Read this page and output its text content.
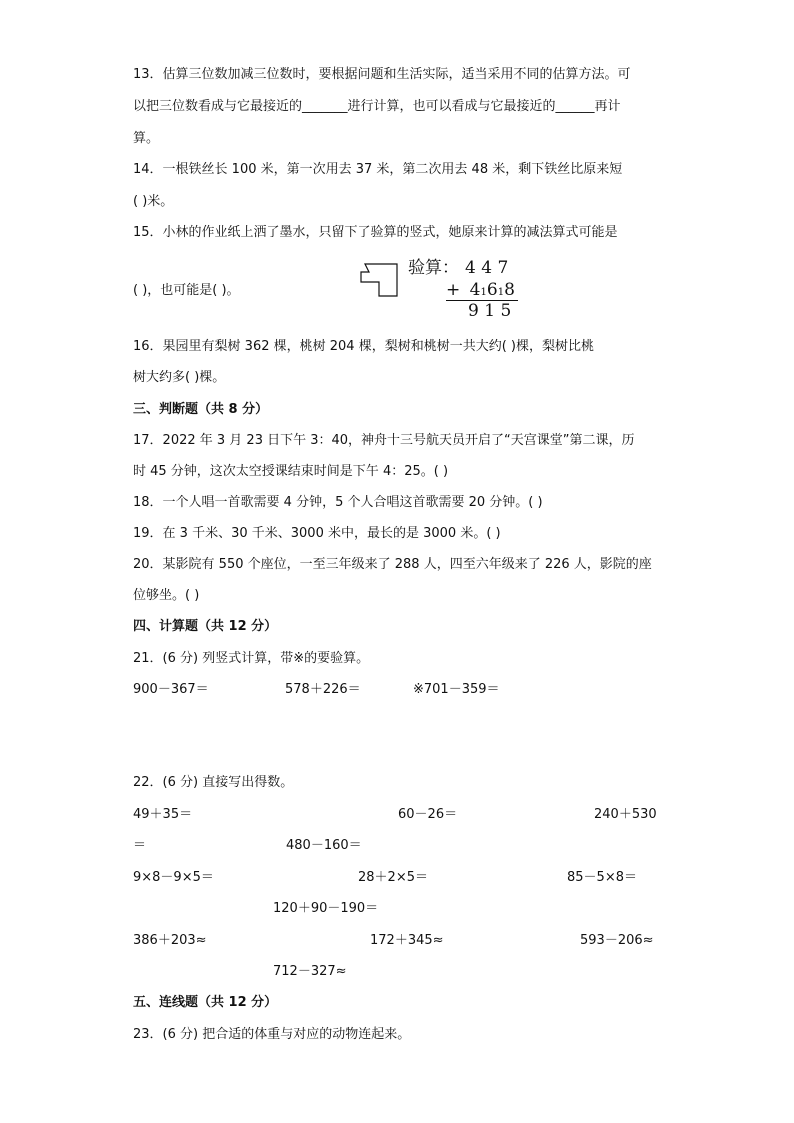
13．估算三位数加减三位数时，要根据问题和生活实际，适当采用不同的估算方法。可
以把三位数看成与它最接近的_______进行计算，也可以看成与它最接近的______再计
算。
14．一根铁丝长 100 米，第一次用去 37 米，第二次用去 48 米，剩下铁丝比原来短
( )米。
15．小林的作业纸上洒了墨水，只留下了验算的竖式，她原来计算的减法算式可能是
( )，也可能是( )。
验算： 4 4 7
+ 41618
9 1 5
16．果园里有梨树 362 棵，桃树 204 棵，梨树和桃树一共大约( )棵，梨树比桃
树大约多( )棵。
三、判断题（共 8 分）
17．2022 年 3 月 23 日下午 3：40，神舟十三号航天员开启了“天宫课堂”第二课，历
时 45 分钟，这次太空授课结束时间是下午 4：25。( )
18．一个人唱一首歌需要 4 分钟，5 个人合唱这首歌需要 20 分钟。( )
19．在 3 千米、30 千米、3000 米中，最长的是 3000 米。( )
20．某影院有 550 个座位，一至三年级来了 288 人，四至六年级来了 226 人，影院的座
位够坐。( )
四、计算题（共 12 分）
21．(6 分) 列竖式计算，带※的要验算。
900－367＝	578＋226＝	※701－359＝
22．(6 分) 直接写出得数。
49＋35＝	60－26＝	240＋530
＝	480－160＝
9×8－9×5＝	28＋2×5＝	85－5×8＝
120＋90－190＝
386＋203≈	172＋345≈	593－206≈
712－327≈
五、连线题（共 12 分）
23．(6 分) 把合适的体重与对应的动物连起来。
